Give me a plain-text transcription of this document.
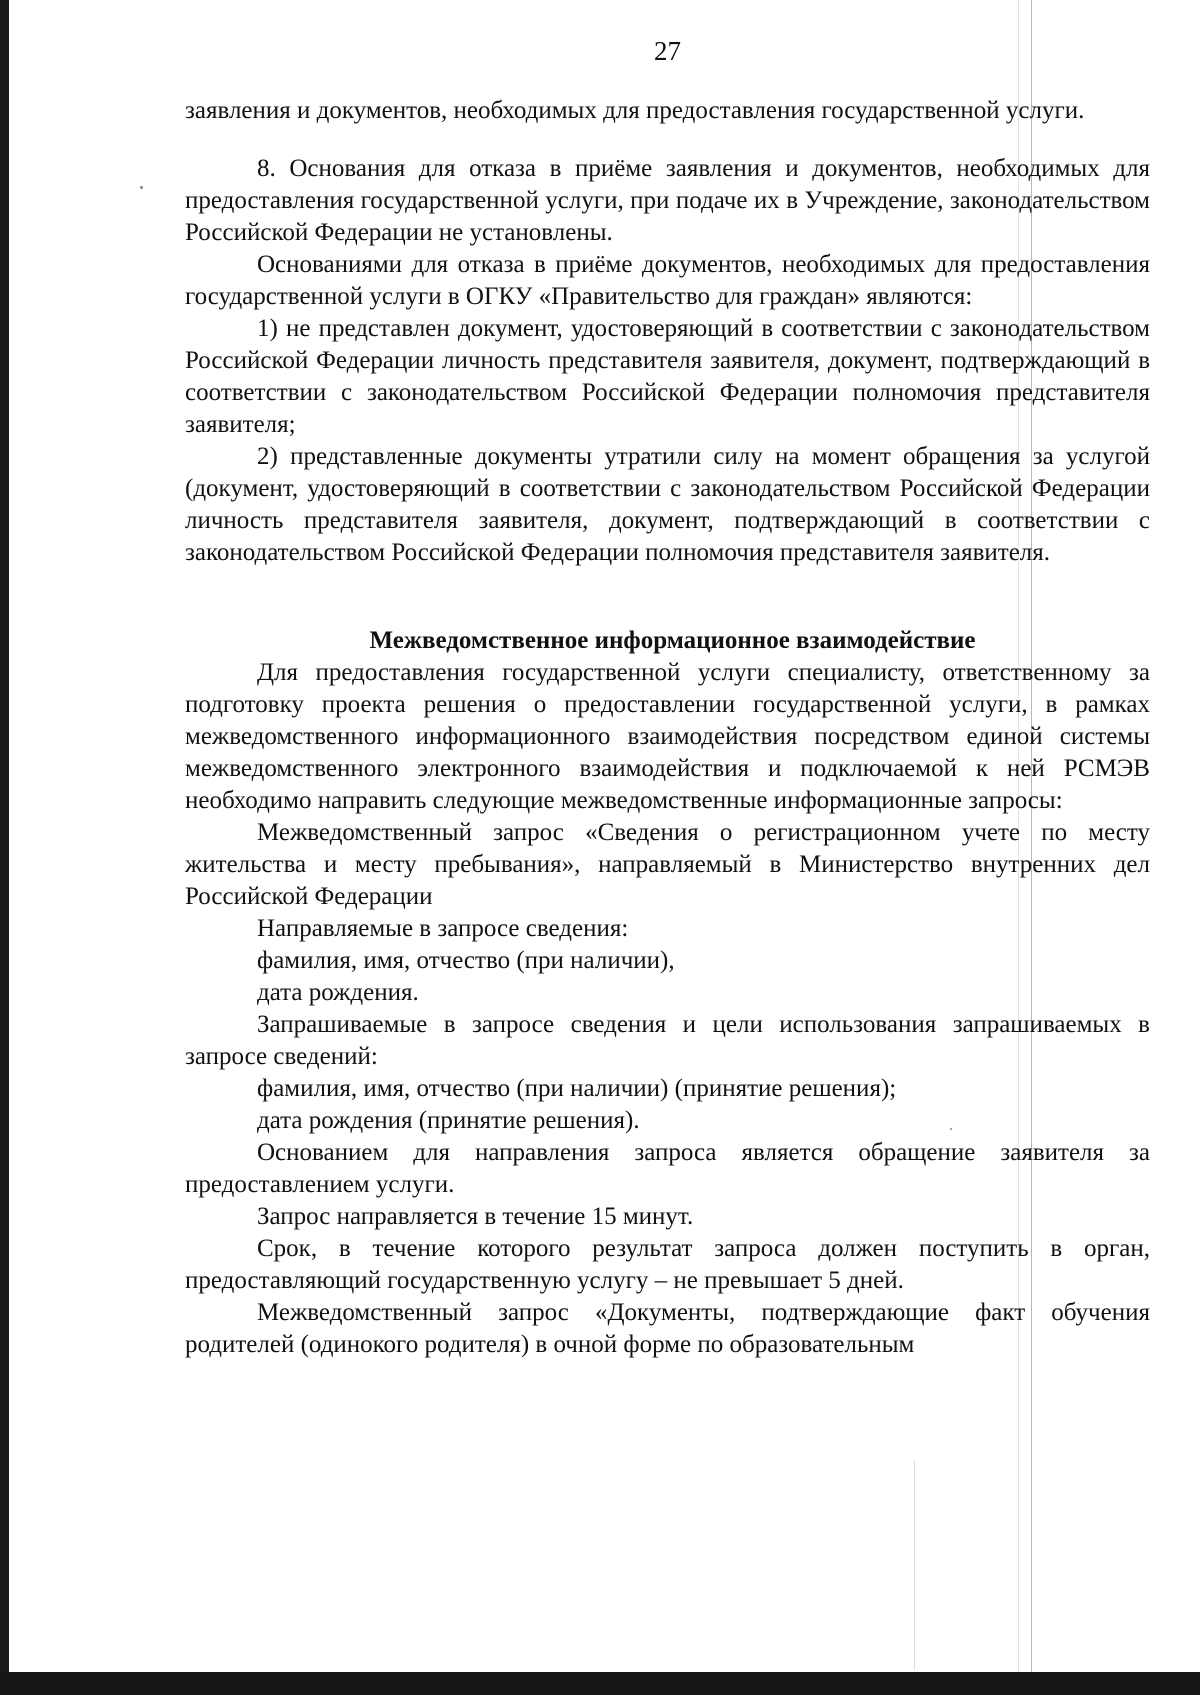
27

заявления и документов, необходимых для предоставления государственной услуги.

8. Основания для отказа в приёме заявления и документов, необходимых для предоставления государственной услуги, при подаче их в Учреждение, законодательством Российской Федерации не установлены.

Основаниями для отказа в приёме документов, необходимых для предоставления государственной услуги в ОГКУ «Правительство для граждан» являются:

1) не представлен документ, удостоверяющий в соответствии с законодательством Российской Федерации личность представителя заявителя, документ, подтверждающий в соответствии с законодательством Российской Федерации полномочия представителя заявителя;

2) представленные документы утратили силу на момент обращения за услугой (документ, удостоверяющий в соответствии с законодательством Российской Федерации личность представителя заявителя, документ, подтверждающий в соответствии с законодательством Российской Федерации полномочия представителя заявителя.

Межведомственное информационное взаимодействие

Для предоставления государственной услуги специалисту, ответственному за подготовку проекта решения о предоставлении государственной услуги, в рамках межведомственного информационного взаимодействия посредством единой системы межведомственного электронного взаимодействия и подключаемой к ней РСМЭВ необходимо направить следующие межведомственные информационные запросы:

Межведомственный запрос «Сведения о регистрационном учете по месту жительства и месту пребывания», направляемый в Министерство внутренних дел Российской Федерации

Направляемые в запросе сведения:

фамилия, имя, отчество (при наличии),

дата рождения.

Запрашиваемые в запросе сведения и цели использования запрашиваемых в запросе сведений:

фамилия, имя, отчество (при наличии) (принятие решения);

дата рождения (принятие решения).

Основанием для направления запроса является обращение заявителя за предоставлением услуги.

Запрос направляется в течение 15 минут.

Срок, в течение которого результат запроса должен поступить в орган, предоставляющий государственную услугу – не превышает 5 дней.

Межведомственный запрос «Документы, подтверждающие факт обучения родителей (одинокого родителя) в очной форме по образовательным
